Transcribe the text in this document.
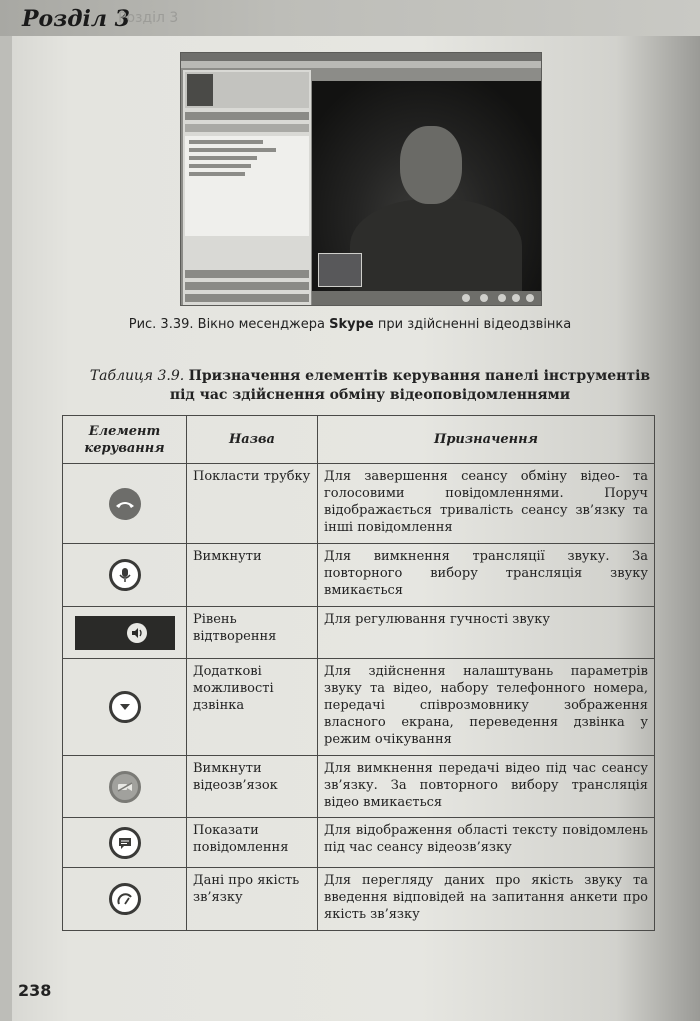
Розділ 3
Розділ 3
Рис. 3.39. Вікно месенджера Skype при здійсненні відеодзвінка
Таблиця 3.9. Призначення елементів керування панелі інструментів
під час здійснення обміну відеоповідомленнями
Елемент
керування	Назва	Призначення

	Покласти трубку	Для завершення сеансу обміну відео- та голосовими повідомленнями. Поруч відображається тривалість сеансу зв’язку та інші повідомлення

	Вимкнути	Для вимкнення трансляції звуку. За повторного вибору трансляція звуку вмикається

	Рівень відтворення	Для регулювання гучності звуку

	Додаткові можливості дзвінка	Для здійснення налаштувань параметрів звуку та відео, набору телефонного номера, передачі співрозмовнику зображення власного екрана, переведення дзвінка у режим очікування

	Вимкнути відеозв’язок	Для вимкнення передачі відео під час сеансу зв’язку. За повторного вибору трансляція відео вмикається

	Показати повідомлення	Для відображення області тексту повідомлень під час сеансу відеозв’язку

	Дані про якість зв’язку	Для перегляду даних про якість звуку та введення відповідей на запитання анкети про якість зв’язку
238
